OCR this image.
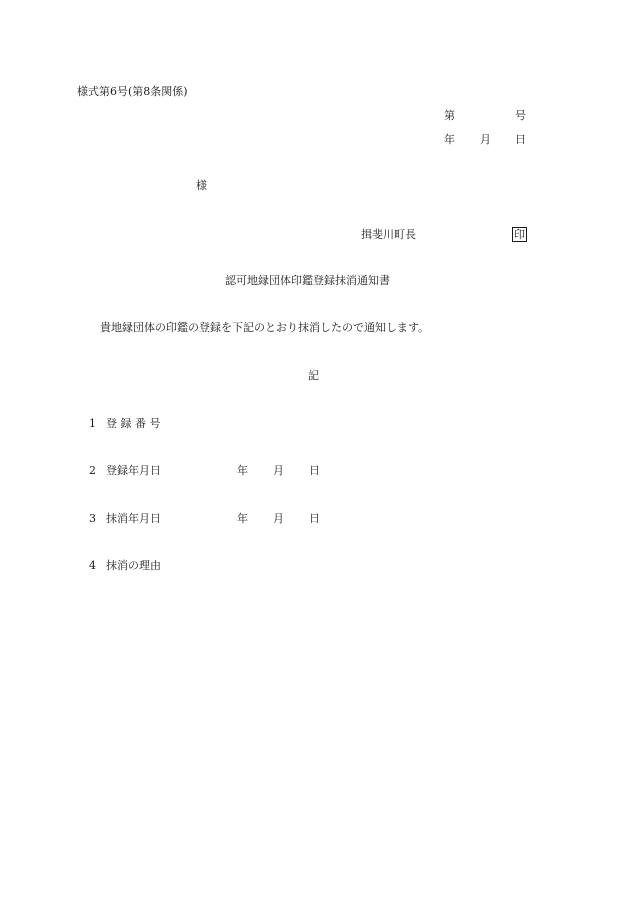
様式第6号(第8条関係)
第	号
年 月 日
様
揖斐川町長	印
認可地縁団体印鑑登録抹消通知書
貴地縁団体の印鑑の登録を下記のとおり抹消したので通知します。
記
1 登 録 番 号
2 登録年月日	年 月 日
3 抹消年月日	年 月 日
4 抹消の理由
